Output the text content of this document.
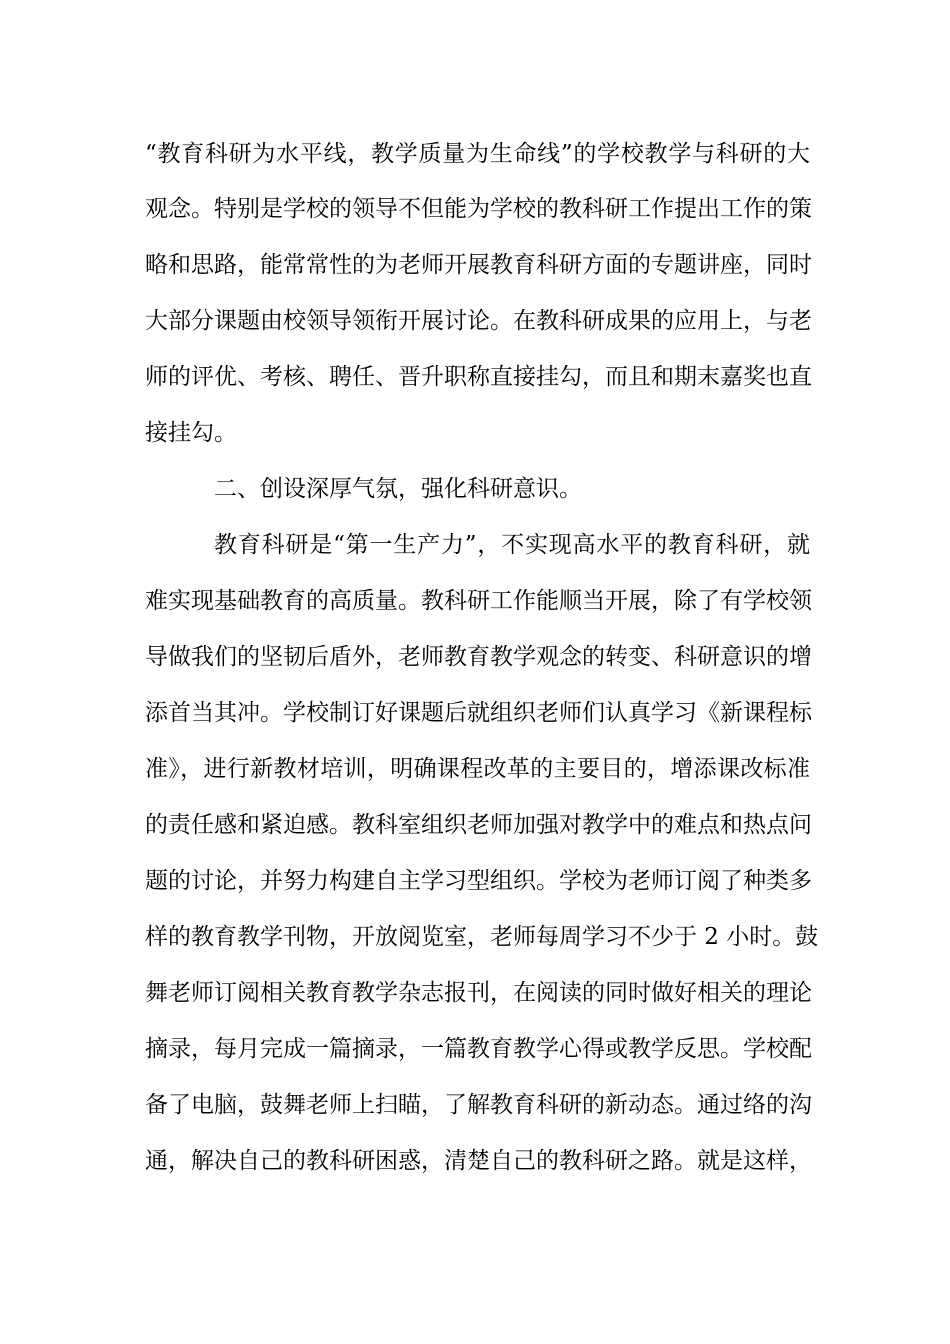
“教育科研为水平线，教学质量为生命线”的学校教学与科研的大
观念。特别是学校的领导不但能为学校的教科研工作提出工作的策
略和思路，能常常性的为老师开展教育科研方面的专题讲座，同时
大部分课题由校领导领衔开展讨论。在教科研成果的应用上，与老
师的评优、考核、聘任、晋升职称直接挂勾，而且和期末嘉奖也直
接挂勾。
二、创设深厚气氛，强化科研意识。
教育科研是“第一生产力”，不实现高水平的教育科研，就
难实现基础教育的高质量。教科研工作能顺当开展，除了有学校领
导做我们的坚韧后盾外，老师教育教学观念的转变、科研意识的增
添首当其冲。学校制订好课题后就组织老师们认真学习《新课程标
准》，进行新教材培训，明确课程改革的主要目的，增添课改标准
的责任感和紧迫感。教科室组织老师加强对教学中的难点和热点问
题的讨论，并努力构建自主学习型组织。学校为老师订阅了种类多
样的教育教学刊物，开放阅览室，老师每周学习不少于 2 小时。鼓
舞老师订阅相关教育教学杂志报刊，在阅读的同时做好相关的理论
摘录，每月完成一篇摘录，一篇教育教学心得或教学反思。学校配
备了电脑，鼓舞老师上扫瞄，了解教育科研的新动态。通过络的沟
通，解决自己的教科研困惑，清楚自己的教科研之路。就是这样，
